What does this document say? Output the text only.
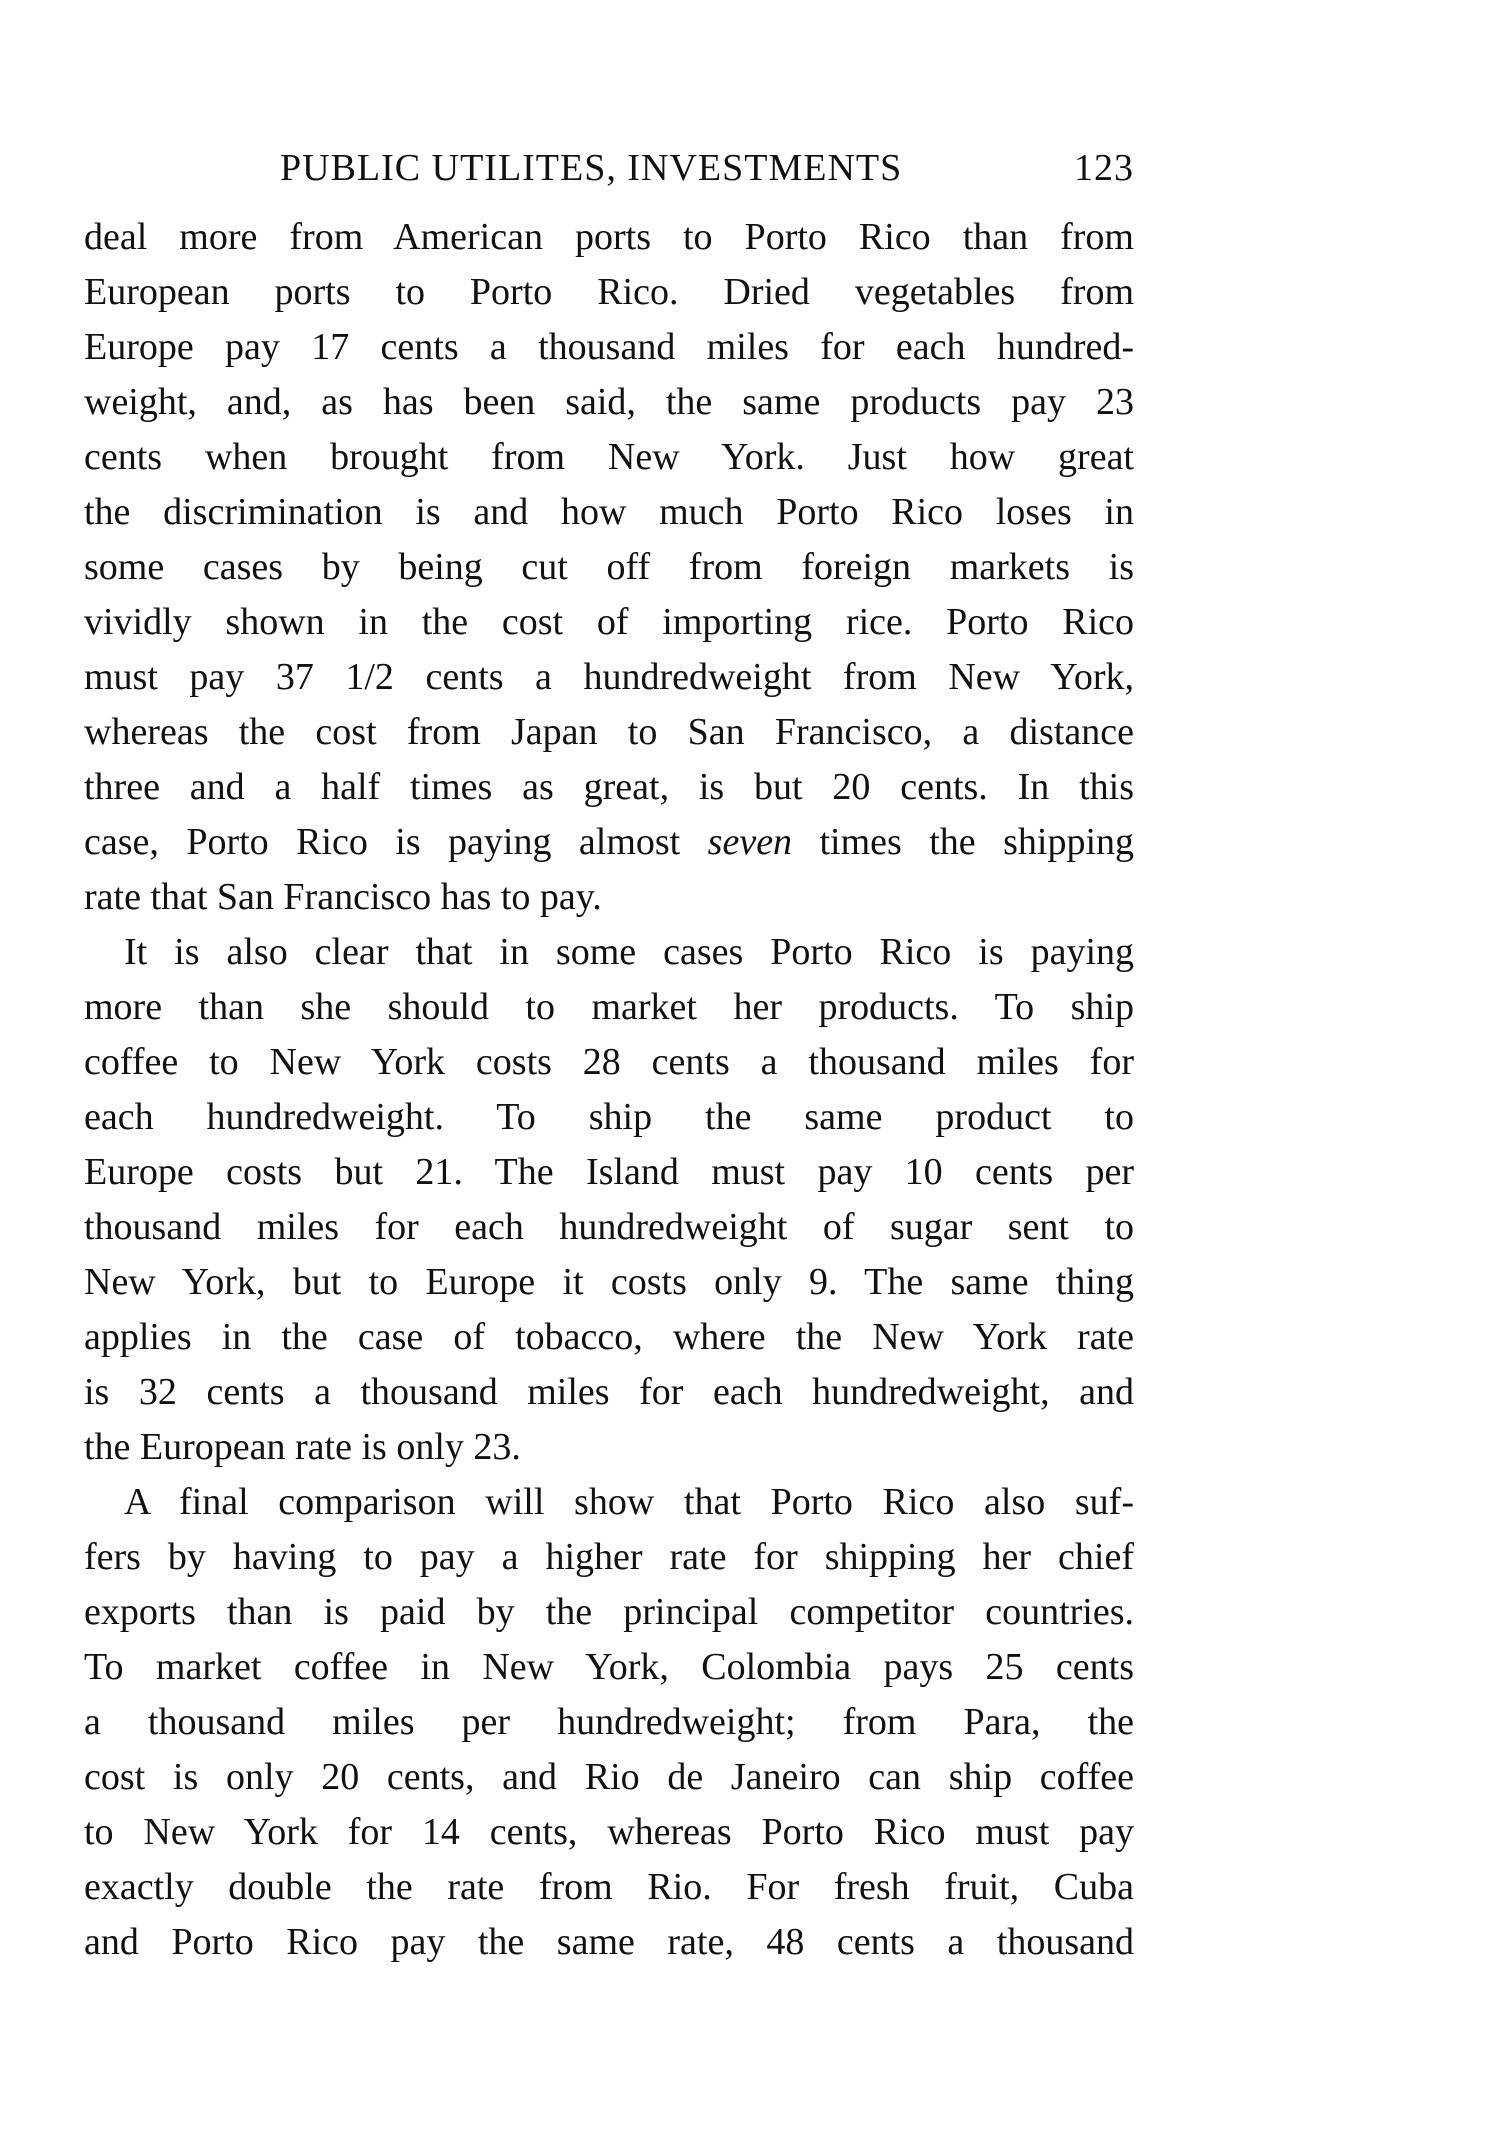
PUBLIC UTILITES, INVESTMENTS	123
deal more from American ports to Porto Rico than from
European ports to Porto Rico. Dried vegetables from
Europe pay 17 cents a thousand miles for each hundred-
weight, and, as has been said, the same products pay 23
cents when brought from New York. Just how great
the discrimination is and how much Porto Rico loses in
some cases by being cut off from foreign markets is
vividly shown in the cost of importing rice. Porto Rico
must pay 37 1/2 cents a hundredweight from New York,
whereas the cost from Japan to San Francisco, a distance
three and a half times as great, is but 20 cents. In this
case, Porto Rico is paying almost seven times the shipping
rate that San Francisco has to pay.
It is also clear that in some cases Porto Rico is paying
more than she should to market her products. To ship
coffee to New York costs 28 cents a thousand miles for
each hundredweight. To ship the same product to
Europe costs but 21. The Island must pay 10 cents per
thousand miles for each hundredweight of sugar sent to
New York, but to Europe it costs only 9. The same thing
applies in the case of tobacco, where the New York rate
is 32 cents a thousand miles for each hundredweight, and
the European rate is only 23.
A final comparison will show that Porto Rico also suf-
fers by having to pay a higher rate for shipping her chief
exports than is paid by the principal competitor countries.
To market coffee in New York, Colombia pays 25 cents
a thousand miles per hundredweight; from Para, the
cost is only 20 cents, and Rio de Janeiro can ship coffee
to New York for 14 cents, whereas Porto Rico must pay
exactly double the rate from Rio. For fresh fruit, Cuba
and Porto Rico pay the same rate, 48 cents a thousand
